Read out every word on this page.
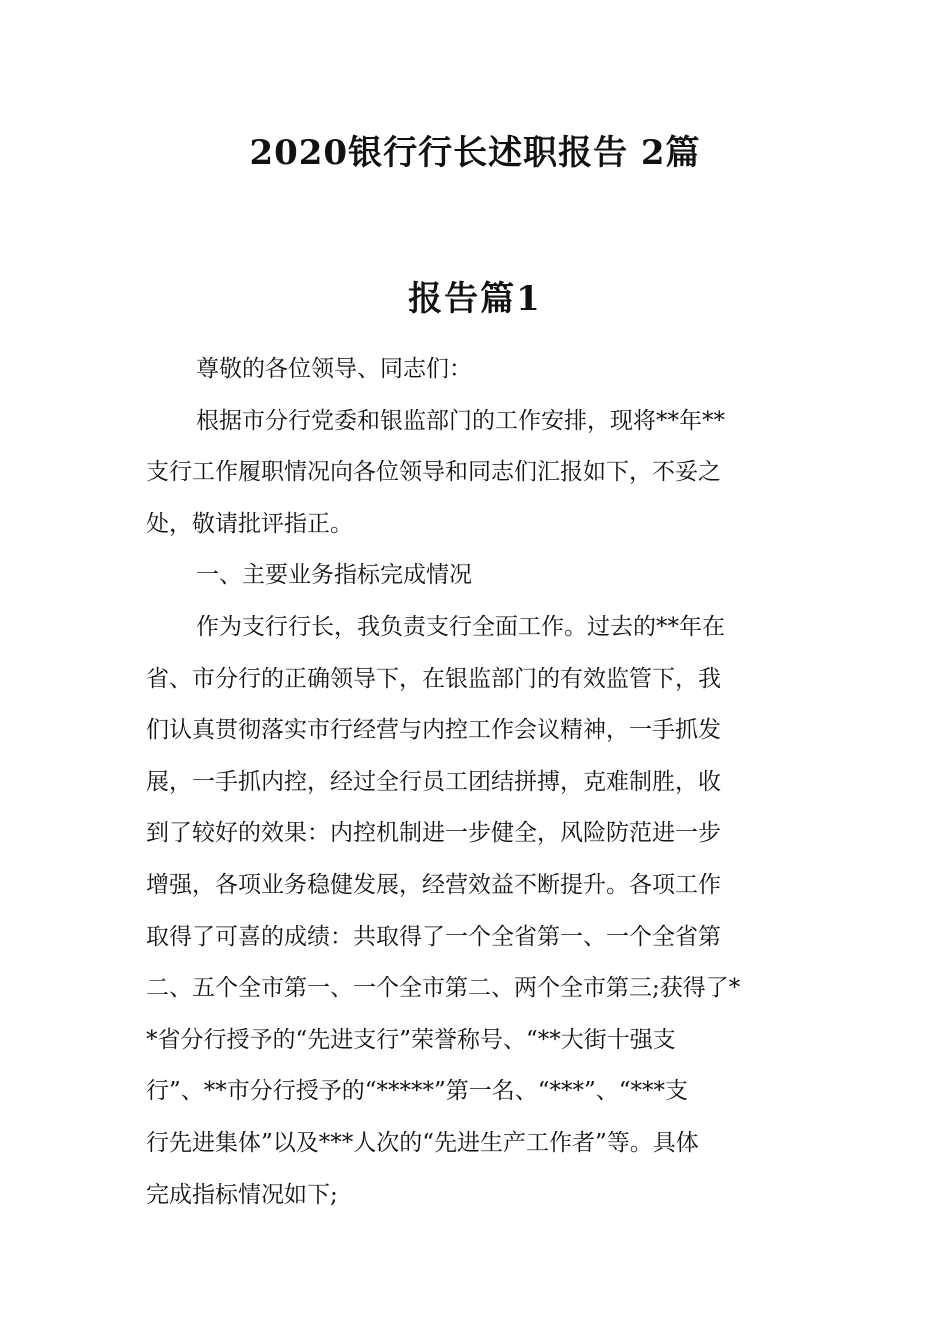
2020银行行长述职报告 2篇
报告篇1
尊敬的各位领导、同志们：
根据市分行党委和银监部门的工作安排，现将**年**
支行工作履职情况向各位领导和同志们汇报如下，不妥之
处，敬请批评指正。
一、主要业务指标完成情况
作为支行行长，我负责支行全面工作。过去的**年在
省、市分行的正确领导下，在银监部门的有效监管下，我
们认真贯彻落实市行经营与内控工作会议精神，一手抓发
展，一手抓内控，经过全行员工团结拼搏，克难制胜，收
到了较好的效果：内控机制进一步健全，风险防范进一步
增强，各项业务稳健发展，经营效益不断提升。各项工作
取得了可喜的成绩：共取得了一个全省第一、一个全省第
二、五个全市第一、一个全市第二、两个全市第三;获得了*
*省分行授予的“先进支行”荣誉称号、“**大街十强支
行”、**市分行授予的“*****”第一名、“***”、“***支
行先进集体”以及***人次的“先进生产工作者”等。具体
完成指标情况如下;
